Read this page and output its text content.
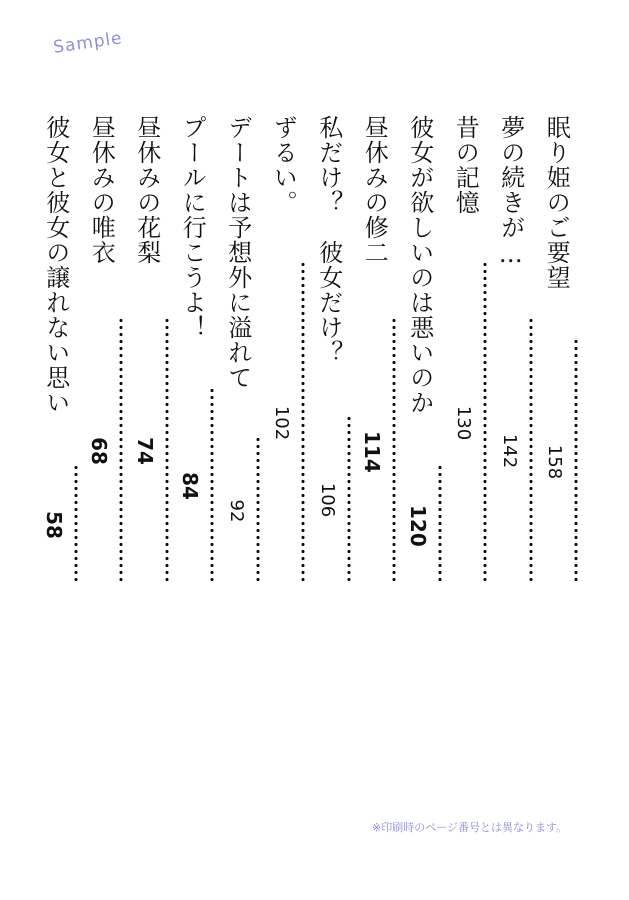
Sample
彼女と彼女の譲れない思い
58
昼休みの唯衣
68
昼休みの花梨
74
プールに行こうよ！
84
デートは予想外に溢れて
92
ずるい。
102
私だけ？　彼女だけ？
106
昼休みの修二
114
彼女が欲しいのは悪いのか
120
昔の記憶
130
夢の続きが…
142
眠り姫のご要望
158
※印刷時のページ番号とは異なります。
